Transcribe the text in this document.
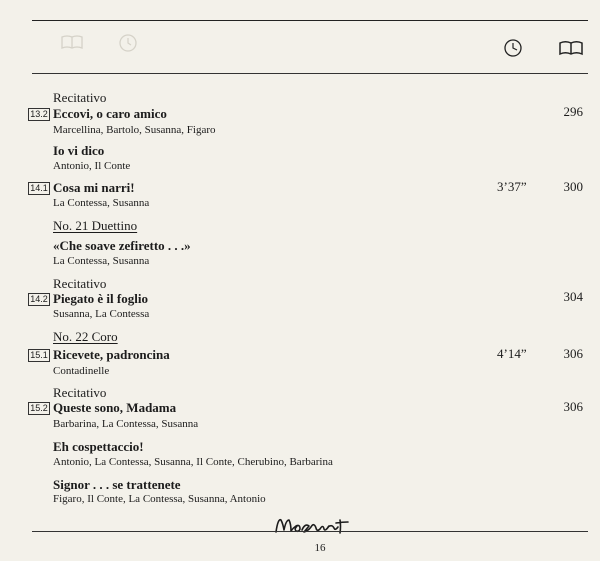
Recitativo
13.2 Eccovi, o caro amico	296
Marcellina, Bartolo, Susanna, Figaro
Io vi dico
Antonio, Il Conte
14.1 Cosa mi narri!	3’37”	300
La Contessa, Susanna
No. 21 Duettino
«Che soave zefiretto . . .»
La Contessa, Susanna
Recitativo
14.2 Piegato è il foglio	304
Susanna, La Contessa
No. 22 Coro
15.1 Ricevete, padroncina	4’14”	306
Contadinelle
Recitativo
15.2 Queste sono, Madama	306
Barbarina, La Contessa, Susanna
Eh cospettaccio!
Antonio, La Contessa, Susanna, Il Conte, Cherubino, Barbarina
Signor . . . se trattenete
Figaro, Il Conte, La Contessa, Susanna, Antonio
16
